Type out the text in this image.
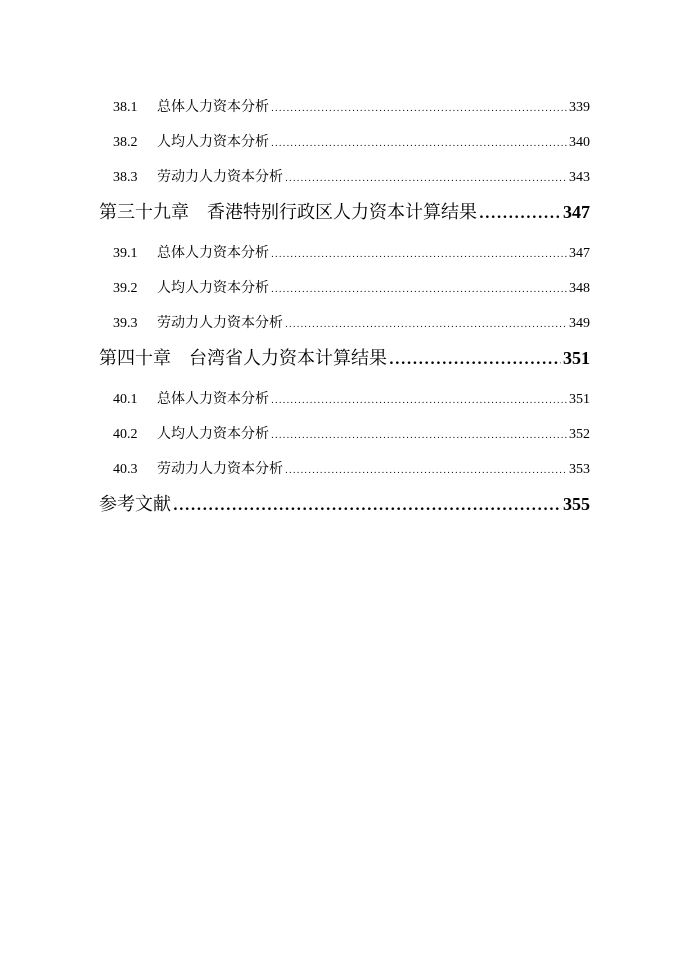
38.1	总体人力资本分析 .....	339
38.2	人均人力资本分析 .....	340
38.3	劳动力人力资本分析 .....	343
第三十九章 香港特别行政区人力资本计算结果 .....	347
39.1	总体人力资本分析 .....	347
39.2	人均人力资本分析 .....	348
39.3	劳动力人力资本分析 .....	349
第四十章 台湾省人力资本计算结果 .....	351
40.1	总体人力资本分析 .....	351
40.2	人均人力资本分析 .....	352
40.3	劳动力人力资本分析 .....	353
参考文献 .....	355
